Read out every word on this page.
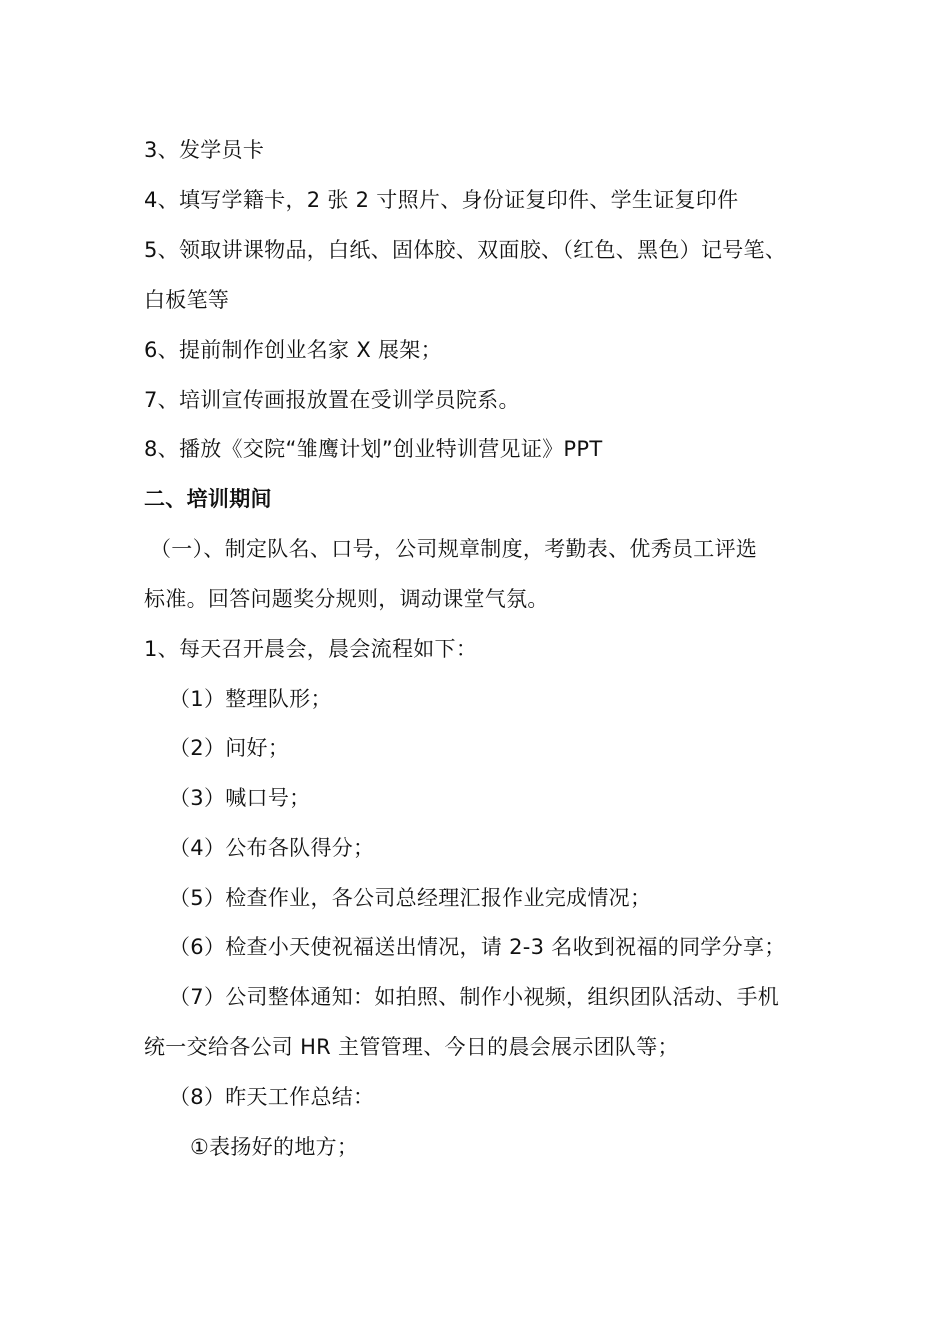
3、发学员卡
4、填写学籍卡，2 张 2 寸照片、身份证复印件、学生证复印件
5、领取讲课物品，白纸、固体胶、双面胶、（红色、黑色）记号笔、
白板笔等
6、提前制作创业名家 X 展架；
7、培训宣传画报放置在受训学员院系。
8、播放《交院“雏鹰计划”创业特训营见证》PPT
二、培训期间
（一）、制定队名、口号，公司规章制度，考勤表、优秀员工评选
标准。回答问题奖分规则，调动课堂气氛。
1、每天召开晨会，晨会流程如下：
（1）整理队形；
（2）问好；
（3）喊口号；
（4）公布各队得分；
（5）检查作业，各公司总经理汇报作业完成情况；
（6）检查小天使祝福送出情况，请 2-3 名收到祝福的同学分享；
（7）公司整体通知：如拍照、制作小视频，组织团队活动、手机
统一交给各公司 HR 主管管理、今日的晨会展示团队等；
（8）昨天工作总结：
①表扬好的地方；
